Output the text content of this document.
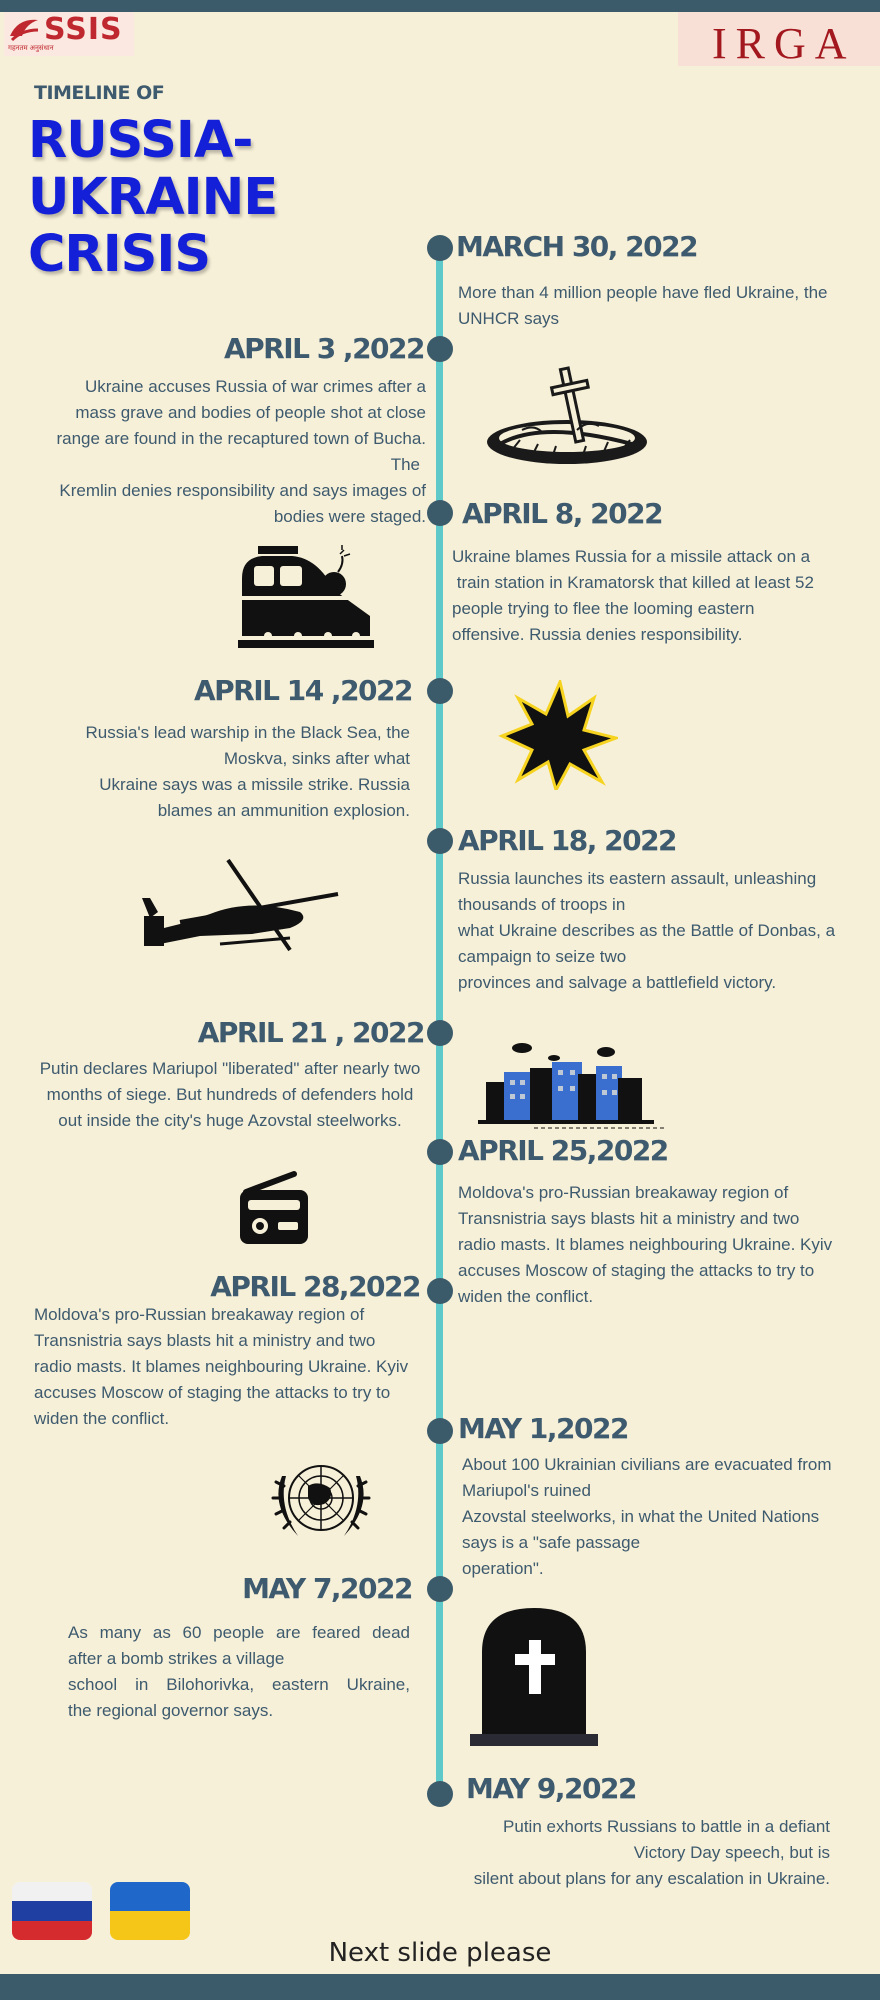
SSIS
गहनतम अनुसंधान	IRGA
TIMELINE OF
RUSSIA-
UKRAINE
CRISIS	MARCH 30, 2022
More than 4 million people have fled Ukraine, the
UNHCR says
APRIL 3 ,2022
Ukraine accuses Russia of war crimes after a
mass grave and bodies of people shot at close
range are found in the recaptured town of Bucha.
The
Kremlin denies responsibility and says images of
bodies were staged. APRIL 8, 2022
Ukraine blames Russia for a missile attack on a
train station in Kramatorsk that killed at least 52
people trying to flee the looming eastern
offensive. Russia denies responsibility.
APRIL 14 ,2022
Russia's lead warship in the Black Sea, the
Moskva, sinks after what
Ukraine says was a missile strike. Russia
blames an ammunition explosion.
APRIL 18, 2022
Russia launches its eastern assault, unleashing
thousands of troops in
what Ukraine describes as the Battle of Donbas, a
campaign to seize two
provinces and salvage a battlefield victory.
APRIL 21 , 2022
Putin declares Mariupol "liberated" after nearly two
months of siege. But hundreds of defenders hold
out inside the city's huge Azovstal steelworks.
APRIL 25,2022
Moldova's pro-Russian breakaway region of
Transnistria says blasts hit a ministry and two
radio masts. It blames neighbouring Ukraine. Kyiv
accuses Moscow of staging the attacks to try to
widen the conflict.
APRIL 28,2022
Moldova's pro-Russian breakaway region of
Transnistria says blasts hit a ministry and two
radio masts. It blames neighbouring Ukraine. Kyiv
accuses Moscow of staging the attacks to try to
widen the conflict.	MAY 1,2022
About 100 Ukrainian civilians are evacuated from
Mariupol's ruined
Azovstal steelworks, in what the United Nations
says is a "safe passage
operation".
MAY 7,2022
As many as 60 people are feared dead
after a bomb strikes a village
school in Bilohorivka, eastern Ukraine,
the regional governor says.
MAY 9,2022
Putin exhorts Russians to battle in a defiant
Victory Day speech, but is
silent about plans for any escalation in Ukraine.
Next slide please
